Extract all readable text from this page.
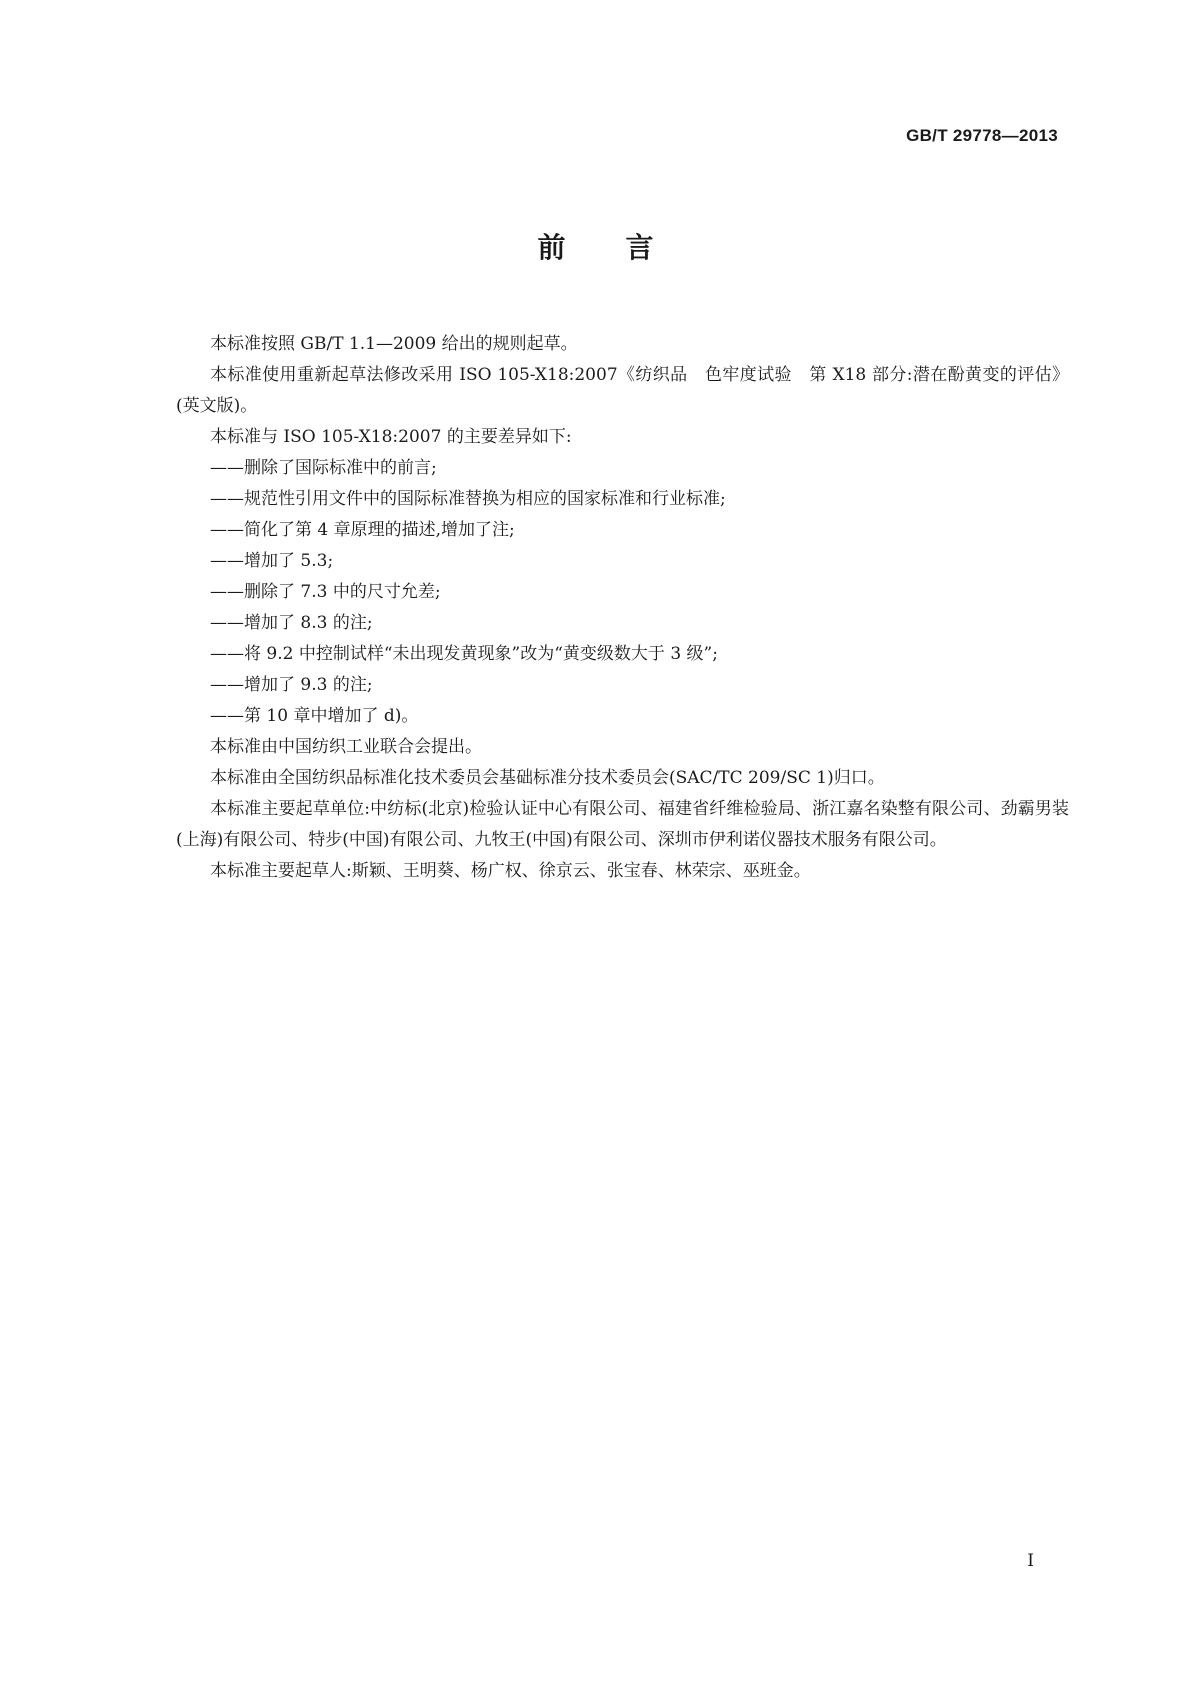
GB/T 29778—2013
前言

本标准按照 GB/T 1.1—2009 给出的规则起草。

本标准使用重新起草法修改采用 ISO 105-X18:2007《纺织品　色牢度试验　第 X18 部分:潜在酚黄变的评估》(英文版)。

本标准与 ISO 105-X18:2007 的主要差异如下:

——删除了国际标准中的前言;

——规范性引用文件中的国际标准替换为相应的国家标准和行业标准;

——简化了第 4 章原理的描述,增加了注;

——增加了 5.3;

——删除了 7.3 中的尺寸允差;

——增加了 8.3 的注;

——将 9.2 中控制试样“未出现发黄现象”改为“黄变级数大于 3 级”;

——增加了 9.3 的注;

——第 10 章中增加了 d)。

本标准由中国纺织工业联合会提出。

本标准由全国纺织品标准化技术委员会基础标准分技术委员会(SAC/TC 209/SC 1)归口。

本标准主要起草单位:中纺标(北京)检验认证中心有限公司、福建省纤维检验局、浙江嘉名染整有限公司、劲霸男装(上海)有限公司、特步(中国)有限公司、九牧王(中国)有限公司、深圳市伊利诺仪器技术服务有限公司。

本标准主要起草人:斯颖、王明葵、杨广权、徐京云、张宝春、林荣宗、巫班金。

I
